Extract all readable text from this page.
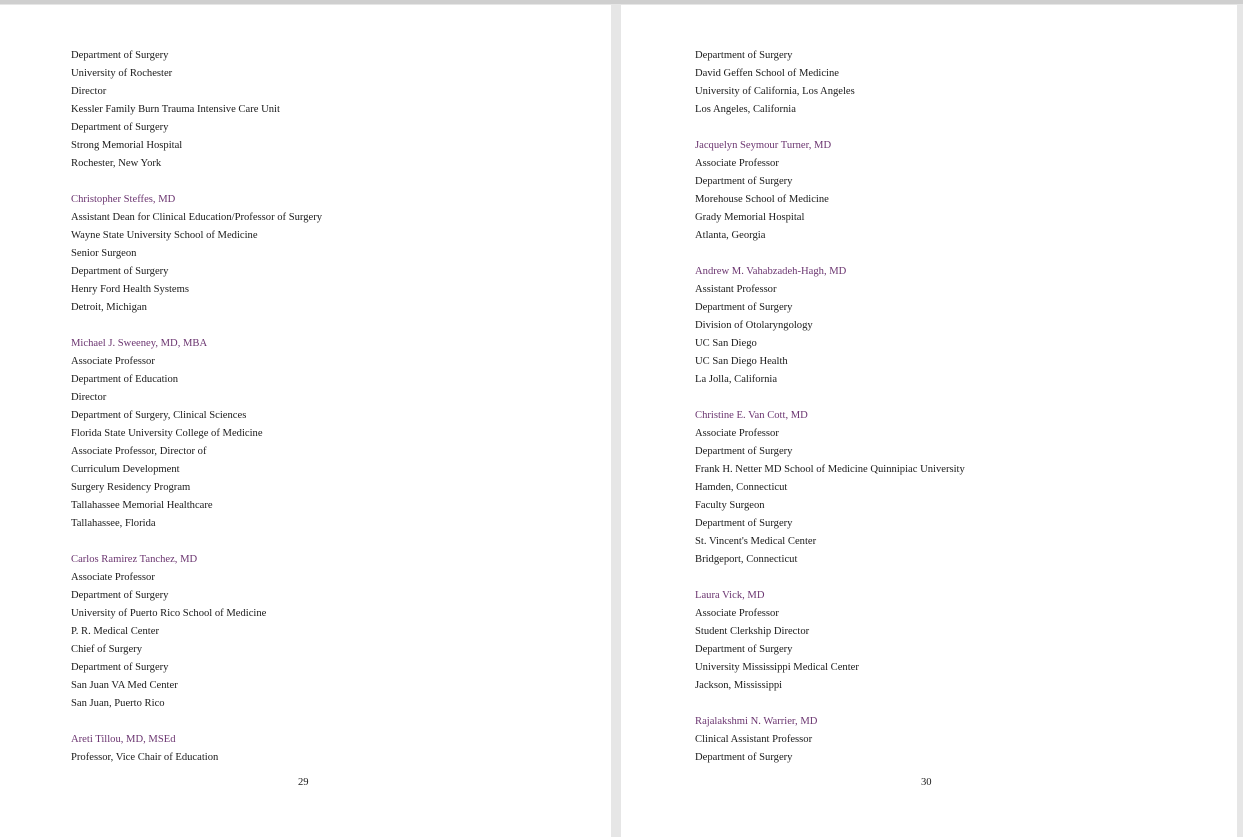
Department of Surgery
University of Rochester
Director
Kessler Family Burn Trauma Intensive Care Unit
Department of Surgery
Strong Memorial Hospital
Rochester, New York
Christopher Steffes, MD
Assistant Dean for Clinical Education/Professor of Surgery
Wayne State University School of Medicine
Senior Surgeon
Department of Surgery
Henry Ford Health Systems
Detroit, Michigan
Michael J. Sweeney, MD, MBA
Associate Professor
Department of Education
Director
Department of Surgery, Clinical Sciences
Florida State University College of Medicine
Associate Professor, Director of
Curriculum Development
Surgery Residency Program
Tallahassee Memorial Healthcare
Tallahassee, Florida
Carlos Ramirez Tanchez, MD
Associate Professor
Department of Surgery
University of Puerto Rico School of Medicine
P. R. Medical Center
Chief of Surgery
Department of Surgery
San Juan VA Med Center
San Juan, Puerto Rico
Areti Tillou, MD, MSEd
Professor, Vice Chair of Education
29
Department of Surgery
David Geffen School of Medicine
University of California, Los Angeles
Los Angeles, California
Jacquelyn Seymour Turner, MD
Associate Professor
Department of Surgery
Morehouse School of Medicine
Grady Memorial Hospital
Atlanta, Georgia
Andrew M. Vahabzadeh-Hagh, MD
Assistant Professor
Department of Surgery
Division of Otolaryngology
UC San Diego
UC San Diego Health
La Jolla, California
Christine E. Van Cott, MD
Associate Professor
Department of Surgery
Frank H. Netter MD School of Medicine Quinnipiac University
Hamden, Connecticut
Faculty Surgeon
Department of Surgery
St. Vincent's Medical Center
Bridgeport, Connecticut
Laura Vick, MD
Associate Professor
Student Clerkship Director
Department of Surgery
University Mississippi Medical Center
Jackson, Mississippi
Rajalakshmi N. Warrier, MD
Clinical Assistant Professor
Department of Surgery
30
